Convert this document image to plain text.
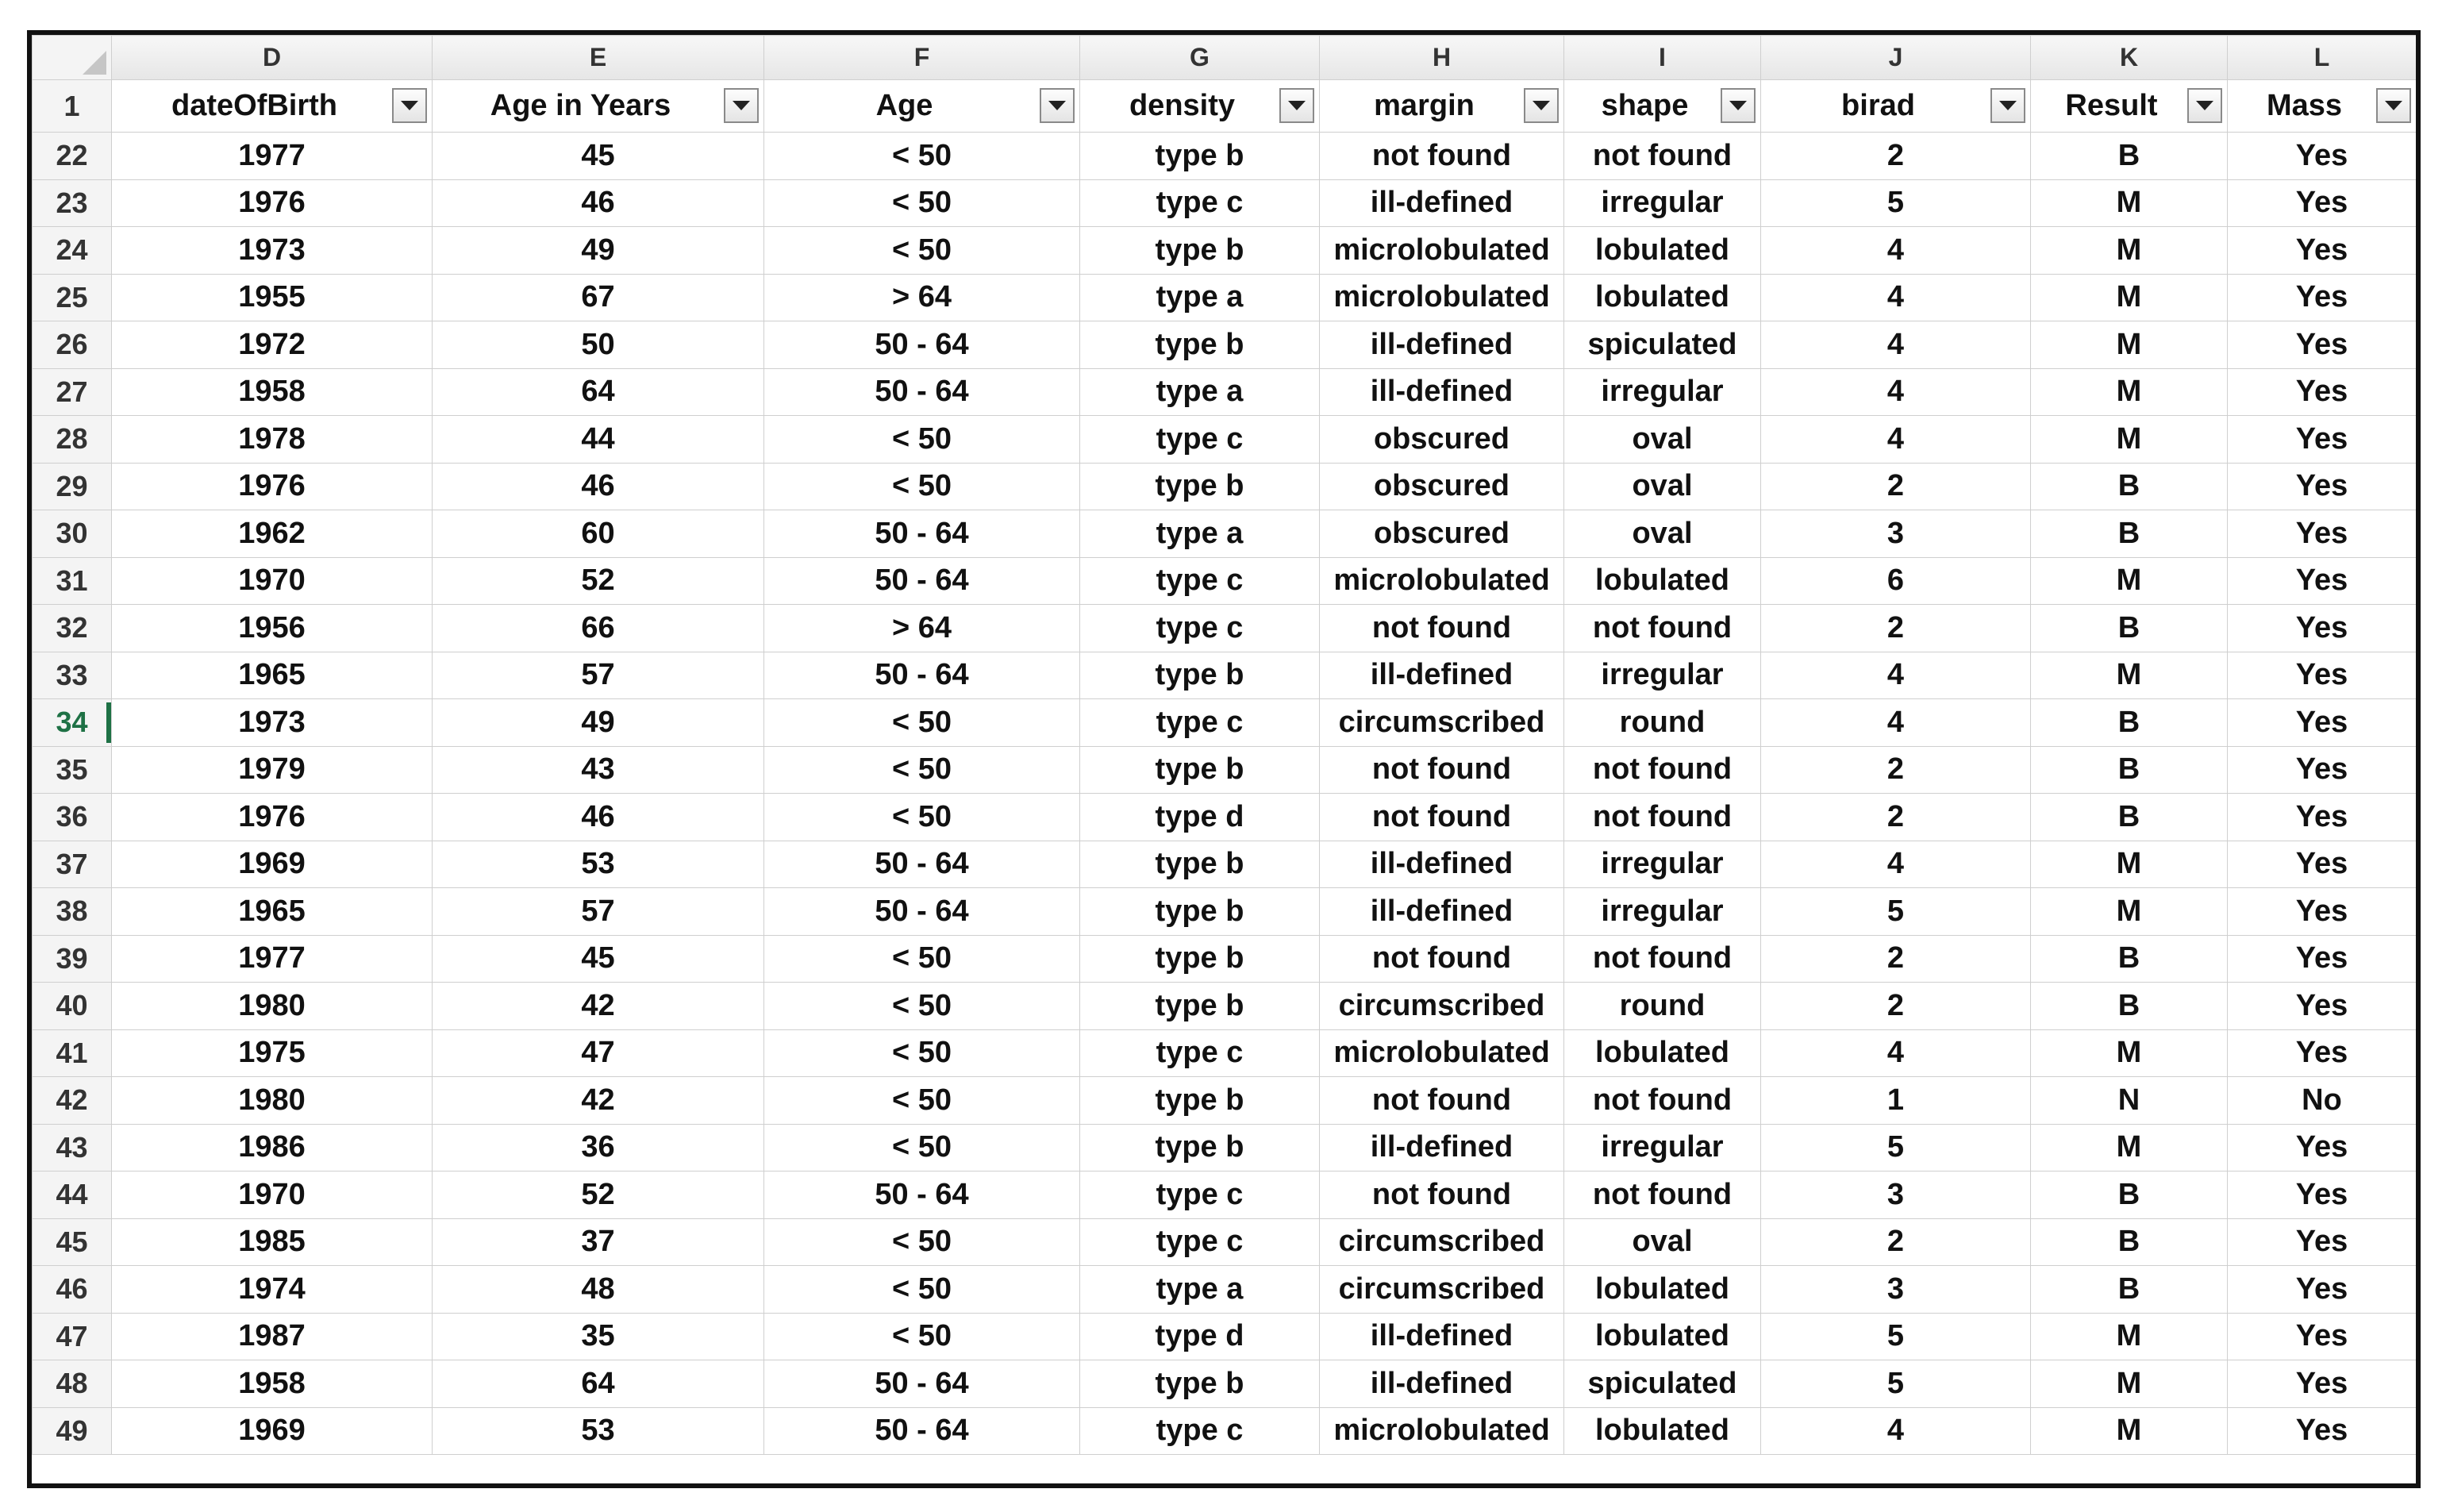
	D	E	F	G	H	I	J	K	L
1	dateOfBirth	Age in Years	Age	density	margin	shape	birad	Result	Mass

22	1977	45	< 50	type b	not found	not found	2	B	Yes
23	1976	46	< 50	type c	ill-defined	irregular	5	M	Yes
24	1973	49	< 50	type b	microlobulated	lobulated	4	M	Yes
25	1955	67	> 64	type a	microlobulated	lobulated	4	M	Yes
26	1972	50	50 - 64	type b	ill-defined	spiculated	4	M	Yes
27	1958	64	50 - 64	type a	ill-defined	irregular	4	M	Yes
28	1978	44	< 50	type c	obscured	oval	4	M	Yes
29	1976	46	< 50	type b	obscured	oval	2	B	Yes
30	1962	60	50 - 64	type a	obscured	oval	3	B	Yes
31	1970	52	50 - 64	type c	microlobulated	lobulated	6	M	Yes
32	1956	66	> 64	type c	not found	not found	2	B	Yes
33	1965	57	50 - 64	type b	ill-defined	irregular	4	M	Yes
34	1973	49	< 50	type c	circumscribed	round	4	B	Yes
35	1979	43	< 50	type b	not found	not found	2	B	Yes
36	1976	46	< 50	type d	not found	not found	2	B	Yes
37	1969	53	50 - 64	type b	ill-defined	irregular	4	M	Yes
38	1965	57	50 - 64	type b	ill-defined	irregular	5	M	Yes
39	1977	45	< 50	type b	not found	not found	2	B	Yes
40	1980	42	< 50	type b	circumscribed	round	2	B	Yes
41	1975	47	< 50	type c	microlobulated	lobulated	4	M	Yes
42	1980	42	< 50	type b	not found	not found	1	N	No
43	1986	36	< 50	type b	ill-defined	irregular	5	M	Yes
44	1970	52	50 - 64	type c	not found	not found	3	B	Yes
45	1985	37	< 50	type c	circumscribed	oval	2	B	Yes
46	1974	48	< 50	type a	circumscribed	lobulated	3	B	Yes
47	1987	35	< 50	type d	ill-defined	lobulated	5	M	Yes
48	1958	64	50 - 64	type b	ill-defined	spiculated	5	M	Yes
49	1969	53	50 - 64	type c	microlobulated	lobulated	4	M	Yes
